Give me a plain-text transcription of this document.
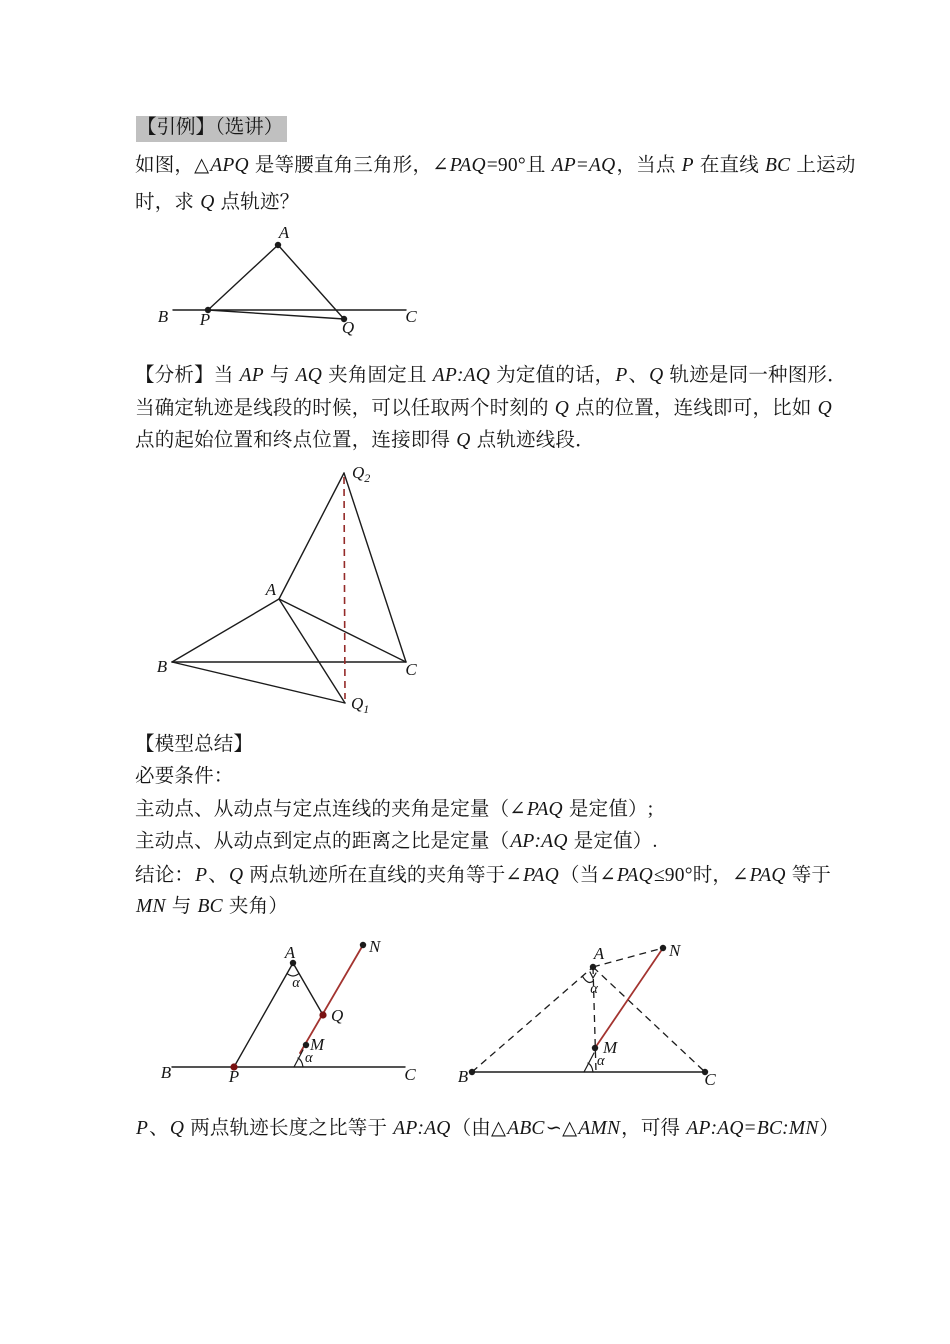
【引例】（选讲）
如图，△APQ 是等腰直角三角形，∠PAQ=90°且 AP=AQ，当点 P 在直线 BC 上运动
时，求 Q 点轨迹？
A
B P	Q
C
【分析】当 AP 与 AQ 夹角固定且 AP:AQ 为定值的话，P、Q 轨迹是同一种图形．
当确定轨迹是线段的时候，可以任取两个时刻的 Q 点的位置，连线即可，比如 Q
点的起始位置和终点位置，连接即得 Q 点轨迹线段．
$Q_2$
A
B	C
$Q_1$
【模型总结】
必要条件：
主动点、从动点与定点连线的夹角是定量（∠PAQ 是定值）;
主动点、从动点到定点的距离之比是定量（AP:AQ 是定值）.
结论：P、Q 两点轨迹所在直线的夹角等于∠PAQ（当∠PAQ≤90°时，∠PAQ 等于
MN 与 BC 夹角）
A
α
N
Q
M
α
B	P	C
A
α
N
M
α
B	C
P、Q 两点轨迹长度之比等于 AP:AQ（由△ABC∽△AMN，可得 AP:AQ=BC:MN）
